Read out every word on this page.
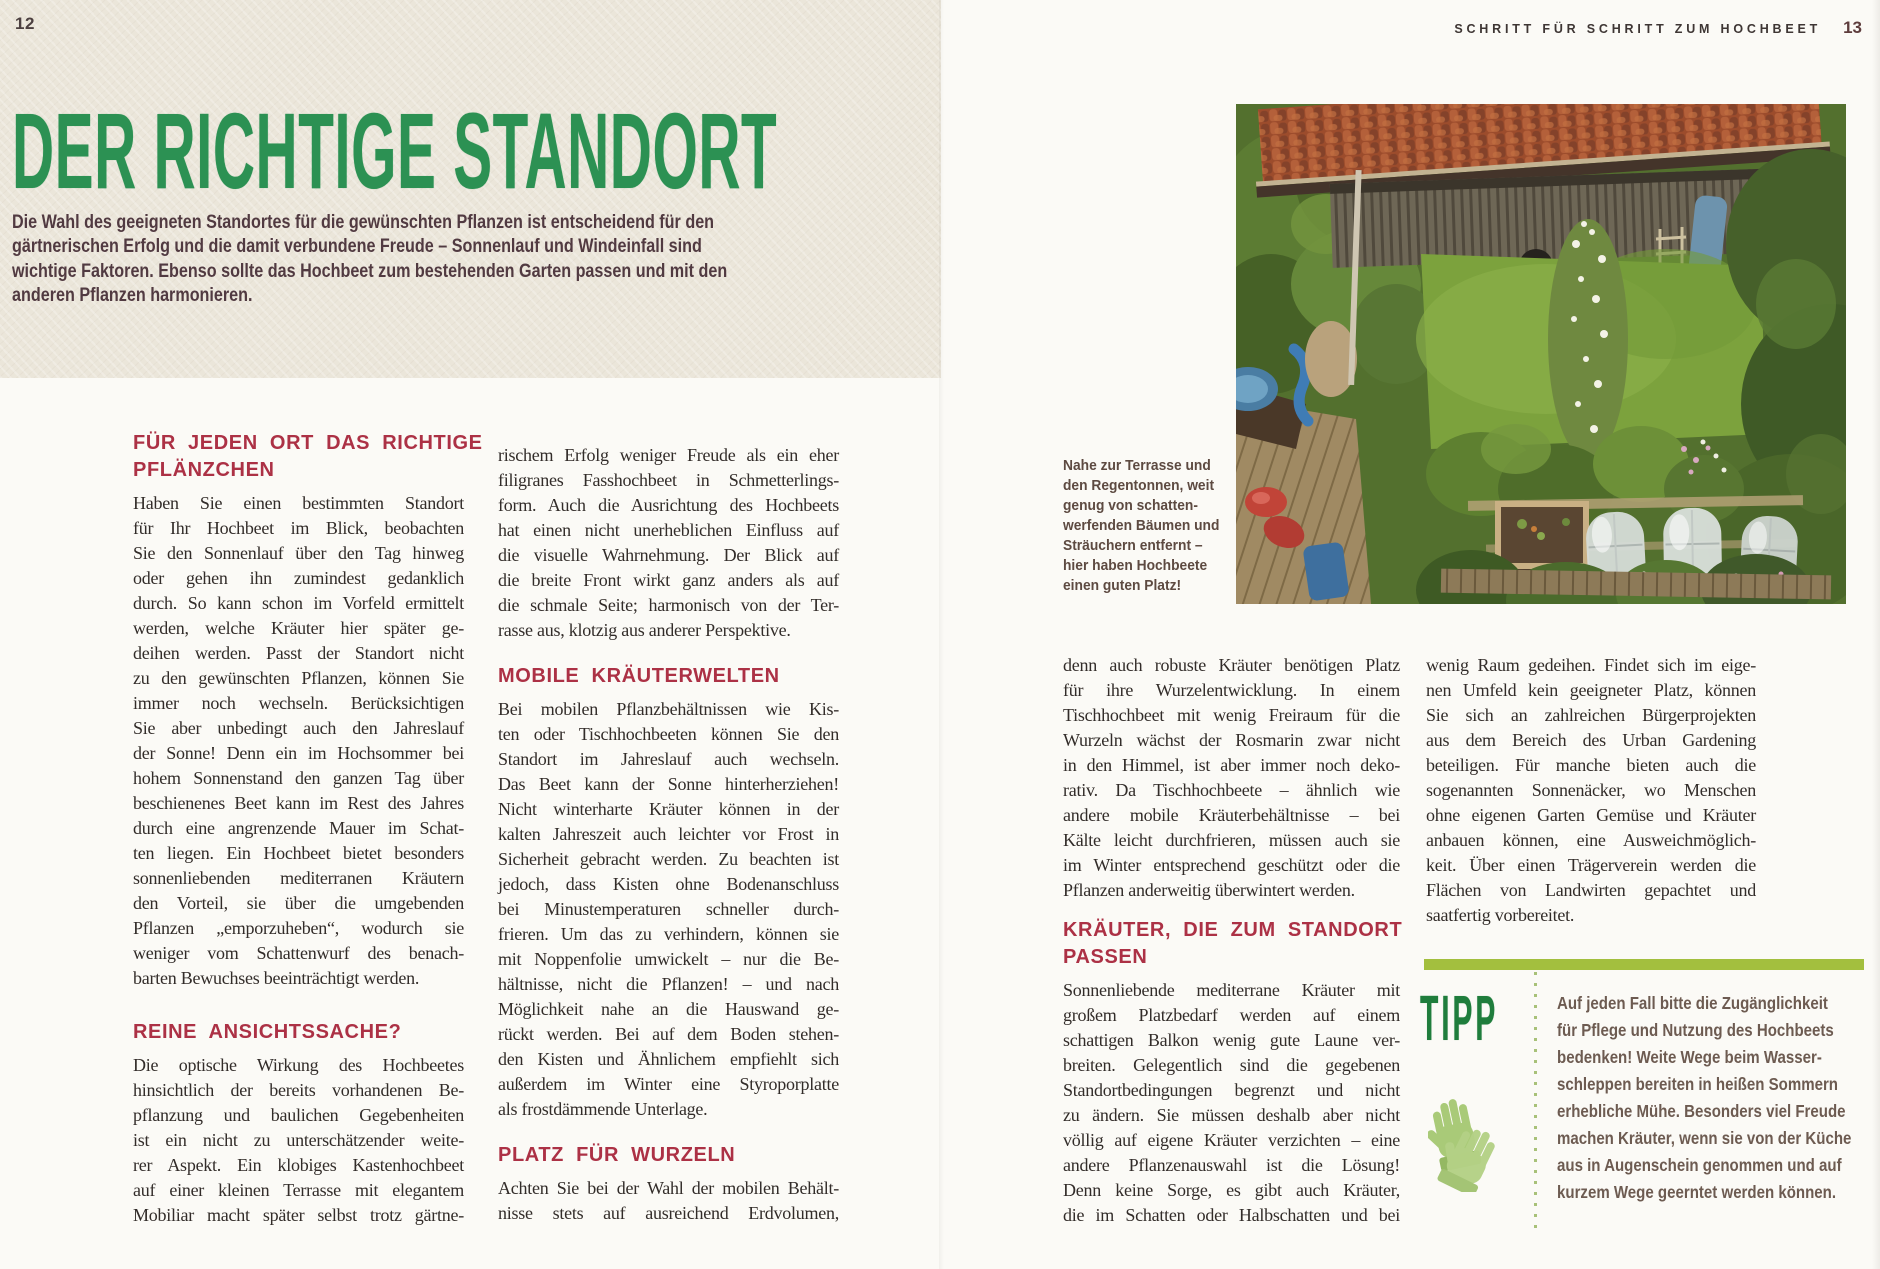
12	SCHRITT FÜR SCHRITT ZUM HOCHBEET 13
DER RICHTIGE STANDORT
Die Wahl des geeigneten Standortes für die gewünschten Pflanzen ist entscheidend für den
gärtnerischen Erfolg und die damit verbundene Freude – Sonnenlauf und Windeinfall sind
wichtige Faktoren. Ebenso sollte das Hochbeet zum bestehenden Garten passen und mit den
anderen Pflanzen harmonieren.
FÜR JEDEN ORT DAS RICHTIGE
PFLÄNZCHEN
Haben Sie einen bestimmten Standort
für Ihr Hochbeet im Blick, beobachten
Sie den Sonnenlauf über den Tag hinweg
oder gehen ihn zumindest gedanklich
durch. So kann schon im Vorfeld ermittelt
werden, welche Kräuter hier später ge-
deihen werden. Passt der Standort nicht
zu den gewünschten Pflanzen, können Sie
immer noch wechseln. Berücksichtigen
Sie aber unbedingt auch den Jahreslauf
der Sonne! Denn ein im Hochsommer bei
hohem Sonnenstand den ganzen Tag über
beschienenes Beet kann im Rest des Jahres
durch eine angrenzende Mauer im Schat-
ten liegen. Ein Hochbeet bietet besonders
sonnenliebenden mediterranen Kräutern
den Vorteil, sie über die umgebenden
Pflanzen „emporzuheben“, wodurch sie
weniger vom Schattenwurf des benach-
barten Bewuchses beeinträchtigt werden.
REINE ANSICHTSSACHE?
Die optische Wirkung des Hochbeetes
hinsichtlich der bereits vorhandenen Be-
pflanzung und baulichen Gegebenheiten
ist ein nicht zu unterschätzender weite-
rer Aspekt. Ein klobiges Kastenhochbeet
auf einer kleinen Terrasse mit elegantem
Mobiliar macht später selbst trotz gärtne-
rischem Erfolg weniger Freude als ein eher
filigranes Fasshochbeet in Schmetterlings-
form. Auch die Ausrichtung des Hochbeets
hat einen nicht unerheblichen Einfluss auf
die visuelle Wahrnehmung. Der Blick auf
die breite Front wirkt ganz anders als auf
die schmale Seite; harmonisch von der Ter-
rasse aus, klotzig aus anderer Perspektive.
MOBILE KRÄUTERWELTEN
Bei mobilen Pflanzbehältnissen wie Kis-
ten oder Tischhochbeeten können Sie den
Standort im Jahreslauf auch wechseln.
Das Beet kann der Sonne hinterherziehen!
Nicht winterharte Kräuter können in der
kalten Jahreszeit auch leichter vor Frost in
Sicherheit gebracht werden. Zu beachten ist
jedoch, dass Kisten ohne Bodenanschluss
bei Minustemperaturen schneller durch-
frieren. Um das zu verhindern, können sie
mit Noppenfolie umwickelt – nur die Be-
hältnisse, nicht die Pflanzen! – und nach
Möglichkeit nahe an die Hauswand ge-
rückt werden. Bei auf dem Boden stehen-
den Kisten und Ähnlichem empfiehlt sich
außerdem im Winter eine Styroporplatte
als frostdämmende Unterlage.
PLATZ FÜR WURZELN
Achten Sie bei der Wahl der mobilen Behält-
nisse stets auf ausreichend Erdvolumen,
Nahe zur Terrasse und
den Regentonnen, weit
genug von schatten-
werfenden Bäumen und
Sträuchern entfernt –
hier haben Hochbeete
einen guten Platz!
denn auch robuste Kräuter benötigen Platz
für ihre Wurzelentwicklung. In einem
Tischhochbeet mit wenig Freiraum für die
Wurzeln wächst der Rosmarin zwar nicht
in den Himmel, ist aber immer noch deko-
rativ. Da Tischhochbeete – ähnlich wie
andere mobile Kräuterbehältnisse – bei
Kälte leicht durchfrieren, müssen auch sie
im Winter entsprechend geschützt oder die
Pflanzen anderweitig überwintert werden.
KRÄUTER, DIE ZUM STANDORT
PASSEN
Sonnenliebende mediterrane Kräuter mit
großem Platzbedarf werden auf einem
schattigen Balkon wenig gute Laune ver-
breiten. Gelegentlich sind die gegebenen
Standortbedingungen begrenzt und nicht
zu ändern. Sie müssen deshalb aber nicht
völlig auf eigene Kräuter verzichten – eine
andere Pflanzenauswahl ist die Lösung!
Denn keine Sorge, es gibt auch Kräuter,
die im Schatten oder Halbschatten und bei
wenig Raum gedeihen. Findet sich im eige-
nen Umfeld kein geeigneter Platz, können
Sie sich an zahlreichen Bürgerprojekten
aus dem Bereich des Urban Gardening
beteiligen. Für manche bieten auch die
sogenannten Sonnenäcker, wo Menschen
ohne eigenen Garten Gemüse und Kräuter
anbauen können, eine Ausweichmöglich-
keit. Über einen Trägerverein werden die
Flächen von Landwirten gepachtet und
saatfertig vorbereitet.
TIPP	Auf jeden Fall bitte die Zugänglichkeit
für Pflege und Nutzung des Hochbeets
bedenken! Weite Wege beim Wasser-
schleppen bereiten in heißen Sommern
erhebliche Mühe. Besonders viel Freude
machen Kräuter, wenn sie von der Küche
aus in Augenschein genommen und auf
kurzem Wege geerntet werden können.
